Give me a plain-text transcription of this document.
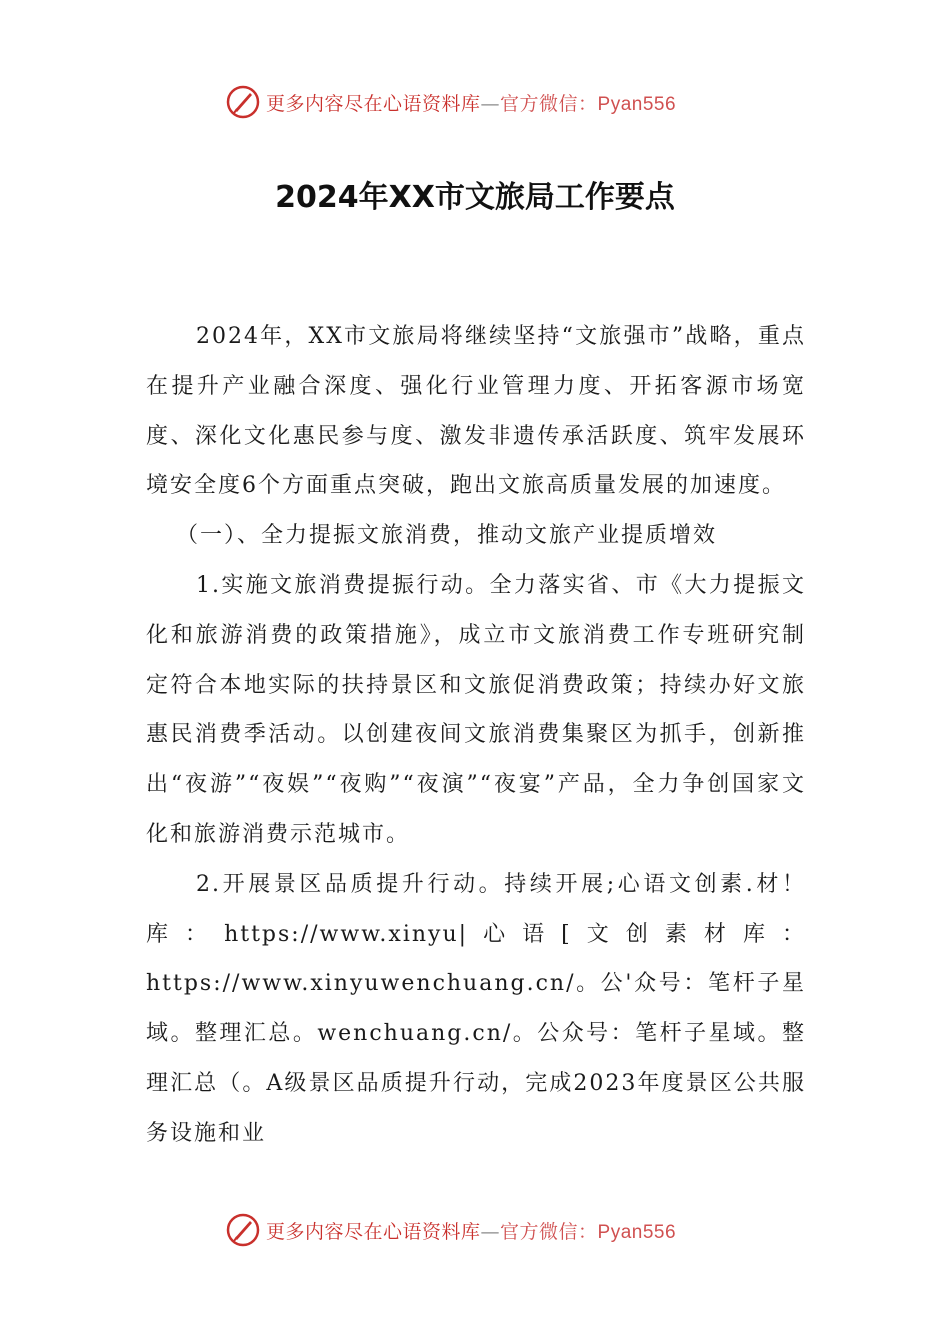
更多内容尽在心语资料库—官方微信：Pyan556
2024年XX市文旅局工作要点

2024年，XX市文旅局将继续坚持“文旅强市”战略，重点在提升产业融合深度、强化行业管理力度、开拓客源市场宽度、深化文化惠民参与度、激发非遗传承活跃度、筑牢发展环境安全度6个方面重点突破，跑出文旅高质量发展的加速度。

（一）、全力提振文旅消费，推动文旅产业提质增效

1.实施文旅消费提振行动。全力落实省、市《大力提振文化和旅游消费的政策措施》，成立市文旅消费工作专班研究制定符合本地实际的扶持景区和文旅促消费政策；持续办好文旅惠民消费季活动。以创建夜间文旅消费集聚区为抓手，创新推出“夜游”“夜娱”“夜购”“夜演”“夜宴”产品，全力争创国家文化和旅游消费示范城市。

2.开展景区品质提升行动。持续开展;心语文创素.材！库：https://www.xinyu|心语[文创素材库：https://www.xinyuwenchuang.cn/。公'众号：笔杆子星域。整理汇总。wenchuang.cn/。公众号：笔杆子星域。整理汇总（。A级景区品质提升行动，完成2023年度景区公共服务设施和业

更多内容尽在心语资料库—官方微信：Pyan556
